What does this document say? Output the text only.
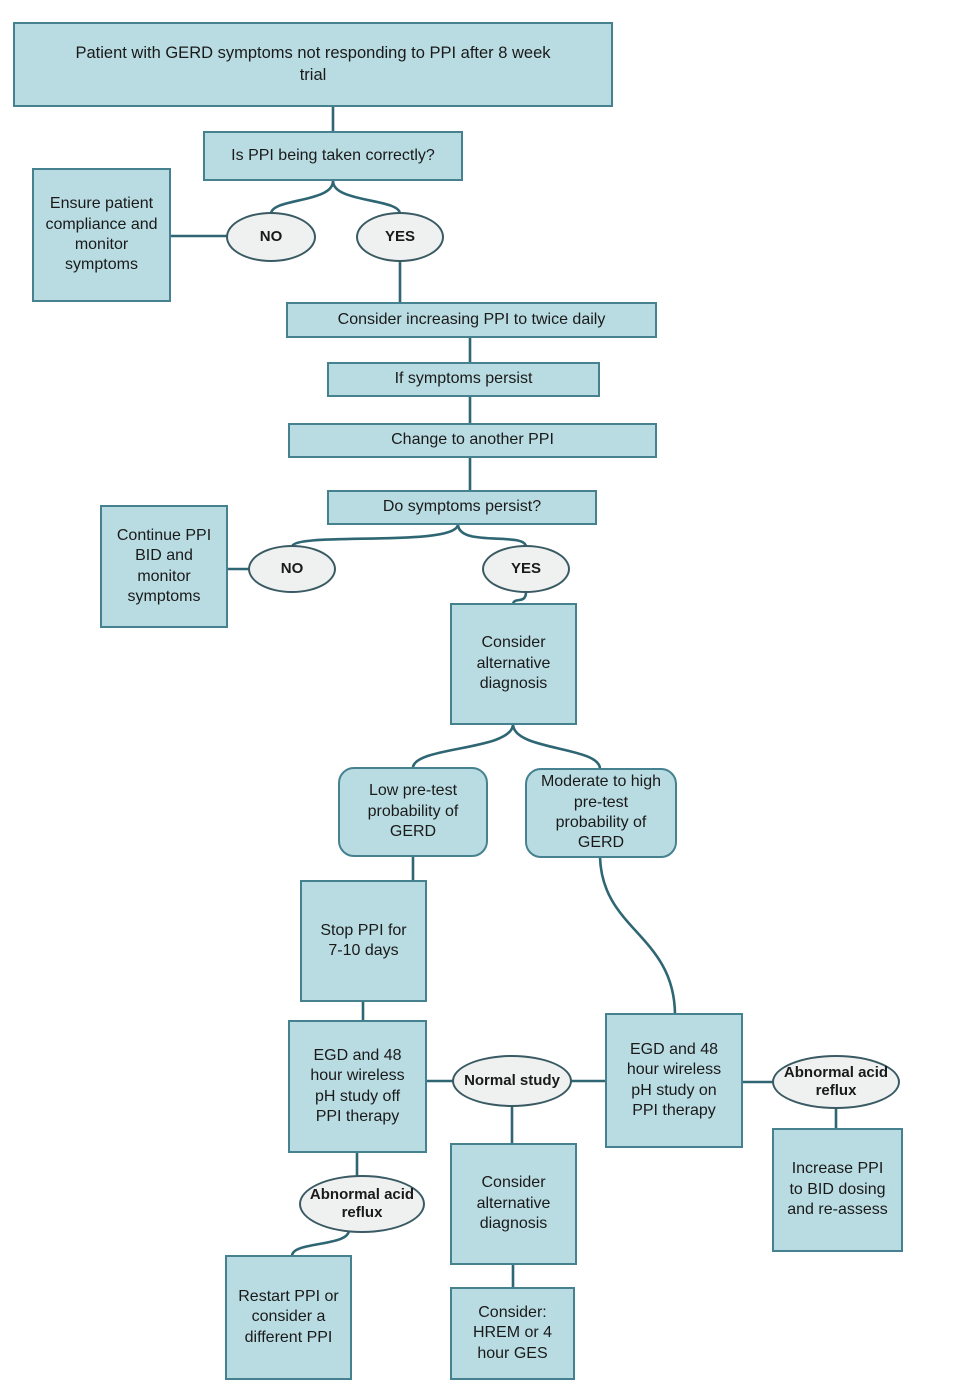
Patient with GERD symptoms not responding to PPI after 8 week trial
Is PPI being taken correctly?
Ensure patient compliance and monitor symptoms
NO	YES
Consider increasing PPI to twice daily
If symptoms persist
Change to another PPI
Do symptoms persist?
Continue PPI BID and monitor symptoms
NO	YES
Consider alternative diagnosis
Low pre-test probability of GERD
Moderate to high pre-test probability of GERD
Stop PPI for 7-10 days
EGD and 48 hour wireless pH study off PPI therapy
Normal study
EGD and 48 hour wireless pH study on PPI therapy
Abnormal acid reflux
Increase PPI to BID dosing and re-assess
Abnormal acid reflux
Restart PPI or consider a different PPI
Consider alternative diagnosis
Consider: HREM or 4 hour GES
